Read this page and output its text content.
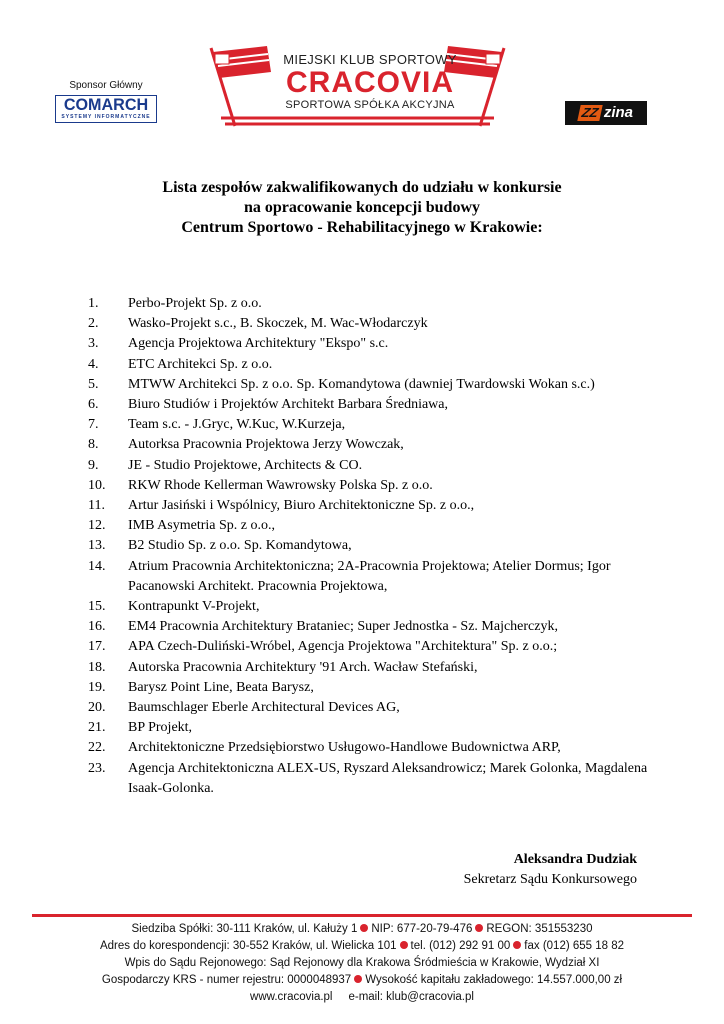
Sponsor Główny
COMARCH
SYSTEMY INFORMATYCZNE
MIEJSKI KLUB SPORTOWY
CRACOVIA
SPORTOWA SPÓŁKA AKCYJNA	ZZ zina
Lista zespołów zakwalifikowanych do udziału w konkursie
na opracowanie koncepcji budowy
Centrum Sportowo - Rehabilitacyjnego w Krakowie:
1.	Perbo-Projekt Sp. z o.o.
2.	Wasko-Projekt s.c., B. Skoczek, M. Wac-Włodarczyk
3.	Agencja Projektowa Architektury "Ekspo" s.c.
4.	ETC Architekci Sp. z o.o.
5.	MTWW Architekci Sp. z o.o. Sp. Komandytowa (dawniej Twardowski Wokan s.c.)
6.	Biuro Studiów i Projektów Architekt Barbara Średniawa,
7.	Team s.c. - J.Gryc, W.Kuc, W.Kurzeja,
8.	Autorksa Pracownia Projektowa Jerzy Wowczak,
9.	JE - Studio Projektowe, Architects & CO.
10.	RKW Rhode Kellerman Wawrowsky Polska Sp. z o.o.
11.	Artur Jasiński i Wspólnicy, Biuro Architektoniczne Sp. z o.o.,
12.	IMB Asymetria Sp. z o.o.,
13.	B2 Studio Sp. z o.o. Sp. Komandytowa,
14.	Atrium Pracownia Architektoniczna; 2A-Pracownia Projektowa; Atelier Dormus; Igor Pacanowski Architekt. Pracownia Projektowa,
15.	Kontrapunkt V-Projekt,
16.	EM4 Pracownia Architektury Brataniec; Super Jednostka - Sz. Majcherczyk,
17.	APA Czech-Duliński-Wróbel, Agencja Projektowa "Architektura" Sp. z o.o.;
18.	Autorska Pracownia Architektury '91 Arch. Wacław Stefański,
19.	Barysz Point Line, Beata Barysz,
20.	Baumschlager Eberle Architectural Devices AG,
21.	BP Projekt,
22.	Architektoniczne Przedsiębiorstwo Usługowo-Handlowe Budownictwa ARP,
23.	Agencja Architektoniczna ALEX-US, Ryszard Aleksandrowicz; Marek Golonka, Magdalena Isaak-Golonka.
Aleksandra Dudziak
Sekretarz Sądu Konkursowego
Siedziba Spółki: 30-111 Kraków, ul. Kałuży 1 NIP: 677-20-79-476 REGON: 351553230
Adres do korespondencji: 30-552 Kraków, ul. Wielicka 101 tel. (012) 292 91 00 fax (012) 655 18 82
Wpis do Sądu Rejonowego: Sąd Rejonowy dla Krakowa Śródmieścia w Krakowie, Wydział XI
Gospodarczy KRS - numer rejestru: 0000048937 Wysokość kapitału zakładowego: 14.557.000,00 zł
www.cracovia.pl e-mail: klub@cracovia.pl
